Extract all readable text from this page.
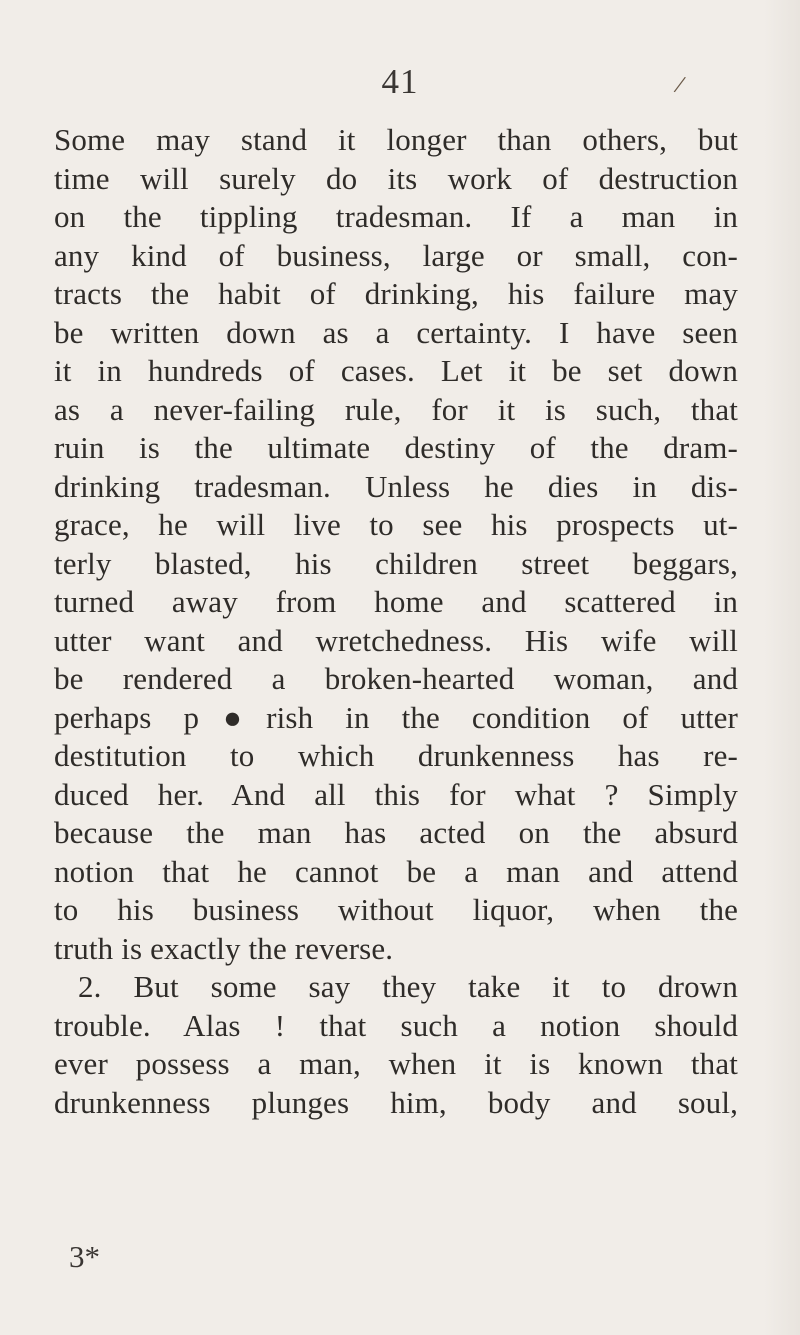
41	/
Some may stand it longer than others, but
time will surely do its work of destruction
on the tippling tradesman. If a man in
any kind of business, large or small, con-
tracts the habit of drinking, his failure may
be written down as a certainty. I have seen
it in hundreds of cases. Let it be set down
as a never-failing rule, for it is such, that
ruin is the ultimate destiny of the dram-
drinking tradesman. Unless he dies in dis-
grace, he will live to see his prospects ut-
terly blasted, his children street beggars,
turned away from home and scattered in
utter want and wretchedness. His wife will
be rendered a broken-hearted woman, and
perhaps p●rish in the condition of utter
destitution to which drunkenness has re-
duced her. And all this for what ? Simply
because the man has acted on the absurd
notion that he cannot be a man and attend
to his business without liquor, when the
truth is exactly the reverse.
2. But some say they take it to drown
trouble. Alas ! that such a notion should
ever possess a man, when it is known that
drunkenness plunges him, body and soul,
3*
